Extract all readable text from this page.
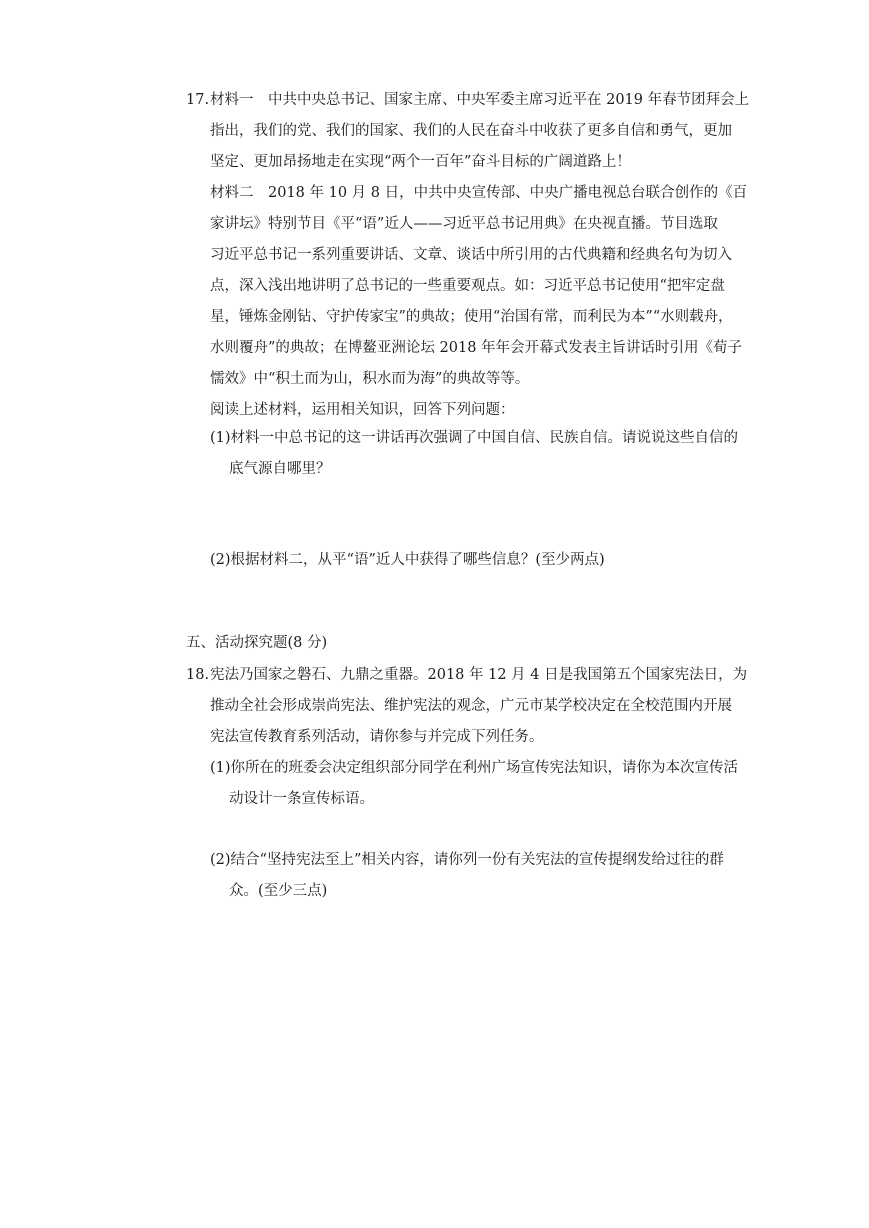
17. 材料一　中共中央总书记、国家主席、中央军委主席习近平在 2019 年春节团拜会上
指出，我们的党、我们的国家、我们的人民在奋斗中收获了更多自信和勇气，更加
坚定、更加昂扬地走在实现“两个一百年”奋斗目标的广阔道路上！
材料二　2018 年 10 月 8 日，中共中央宣传部、中央广播电视总台联合创作的《百
家讲坛》特别节目《平“语”近人——习近平总书记用典》在央视直播。节目选取
习近平总书记一系列重要讲话、文章、谈话中所引用的古代典籍和经典名句为切入
点，深入浅出地讲明了总书记的一些重要观点。如：习近平总书记使用“把牢定盘
星，锤炼金刚钻、守护传家宝”的典故；使用“治国有常，而利民为本”“水则载舟，
水则覆舟”的典故；在博鳌亚洲论坛 2018 年年会开幕式发表主旨讲话时引用《荀子
懦效》中“积土而为山，积水而为海”的典故等等。
阅读上述材料，运用相关知识，回答下列问题：
(1)材料一中总书记的这一讲话再次强调了中国自信、民族自信。请说说这些自信的
底气源自哪里？
(2)根据材料二，从平“语”近人中获得了哪些信息？(至少两点)
五、活动探究题(8 分)
18. 宪法乃国家之磐石、九鼎之重器。2018 年 12 月 4 日是我国第五个国家宪法日，为
推动全社会形成崇尚宪法、维护宪法的观念，广元市某学校决定在全校范围内开展
宪法宣传教育系列活动，请你参与并完成下列任务。
(1)你所在的班委会决定组织部分同学在利州广场宣传宪法知识，请你为本次宣传活
动设计一条宣传标语。
(2)结合“坚持宪法至上”相关内容，请你列一份有关宪法的宣传提纲发给过往的群
众。(至少三点)
